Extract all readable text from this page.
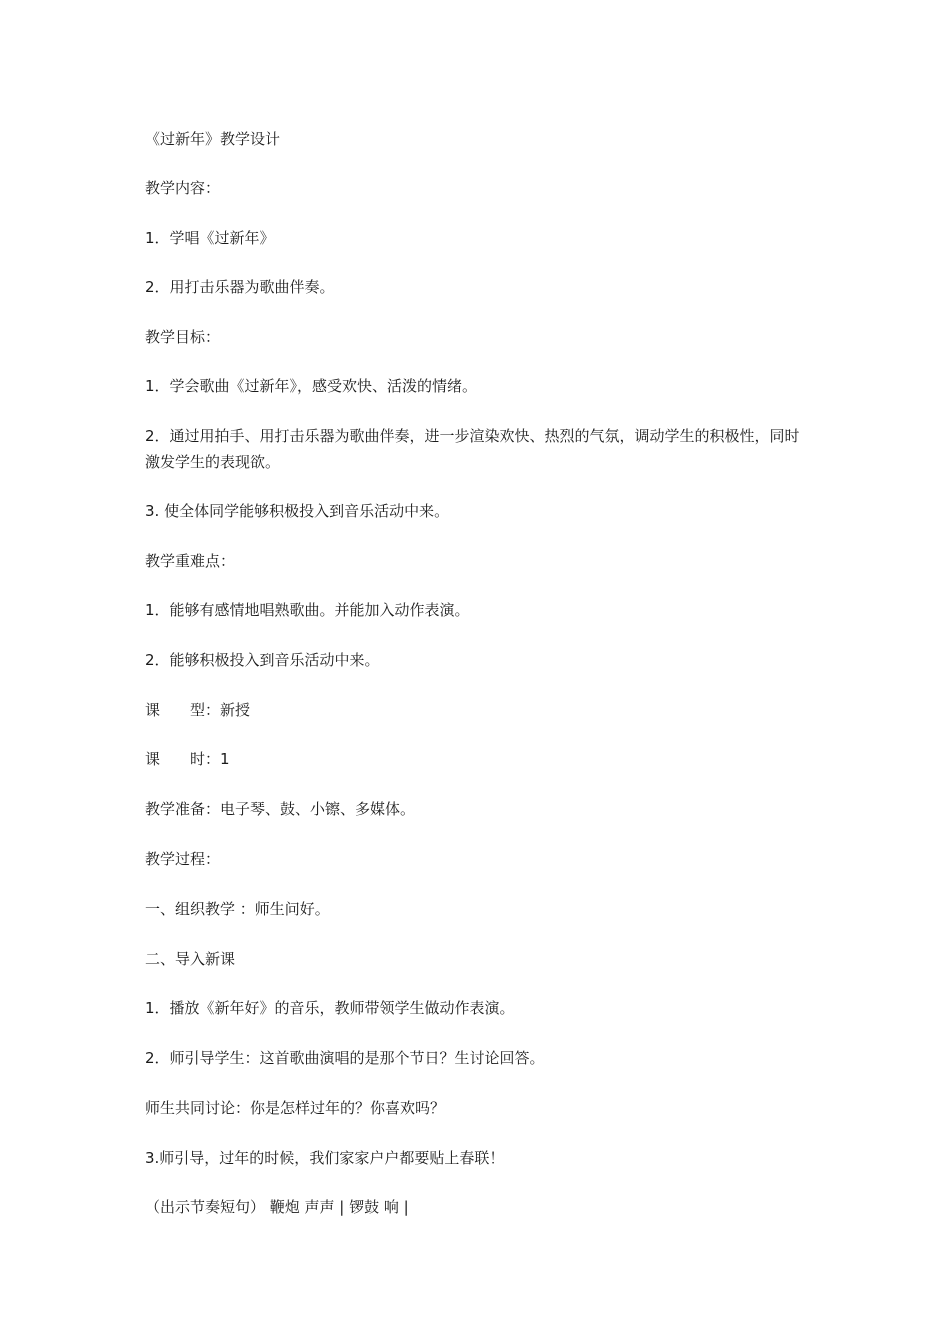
《过新年》教学设计

教学内容：

1．学唱《过新年》

2．用打击乐器为歌曲伴奏。

教学目标：

1．学会歌曲《过新年》，感受欢快、活泼的情绪。

2．通过用拍手、用打击乐器为歌曲伴奏，进一步渲染欢快、热烈的气氛，调动学生的积极性，同时激发学生的表现欲。

3. 使全体同学能够积极投入到音乐活动中来。

教学重难点：

1．能够有感情地唱熟歌曲。并能加入动作表演。

2．能够积极投入到音乐活动中来。

课　　型：新授

课　　时：1

教学准备：电子琴、鼓、小镲、多媒体。

教学过程：

一、组织教学 ：师生问好。

二、导入新课

1．播放《新年好》的音乐，教师带领学生做动作表演。

2．师引导学生：这首歌曲演唱的是那个节日？生讨论回答。

师生共同讨论：你是怎样过年的？你喜欢吗？

3.师引导，过年的时候，我们家家户户都要贴上春联！

（出示节奏短句） 鞭炮 声声 | 锣鼓 响 |
